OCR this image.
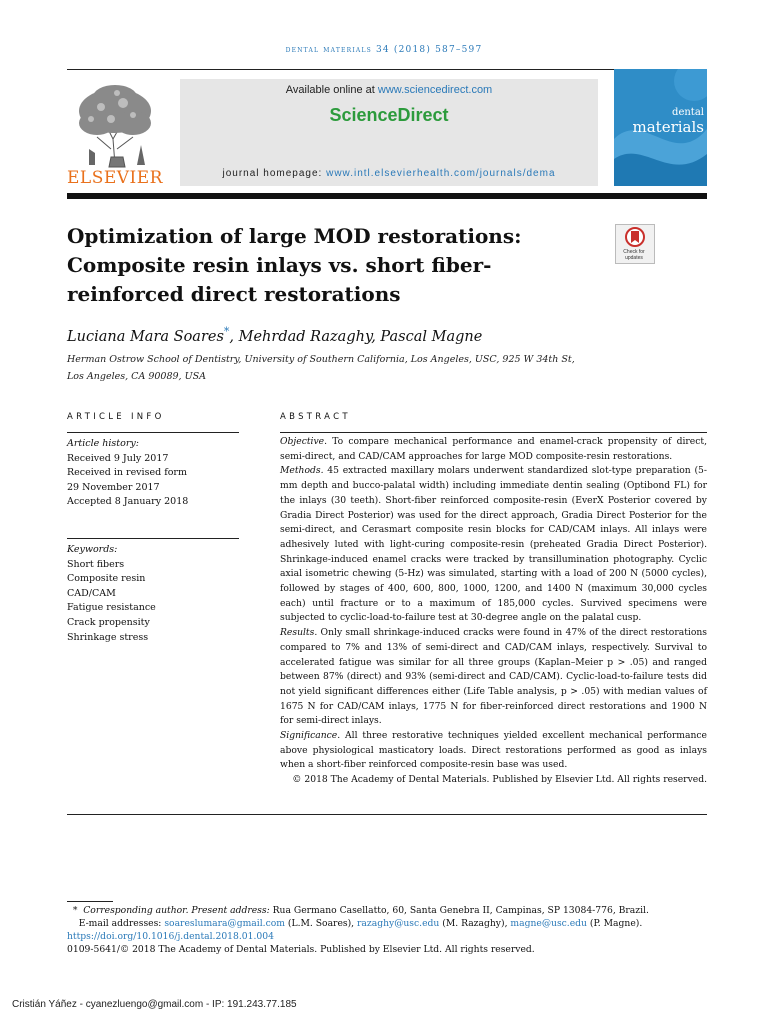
dental materials 34 (2018) 587–597
ELSEVIER
Available online at www.sciencedirect.com
ScienceDirect
journal homepage: www.intl.elsevierhealth.com/journals/dema
dental
materials
Optimization of large MOD restorations: Composite resin inlays vs. short fiber-reinforced direct restorations
Check for updates
Luciana Mara Soares*, Mehrdad Razaghy, Pascal Magne
Herman Ostrow School of Dentistry, University of Southern California, Los Angeles, USC, 925 W 34th St, Los Angeles, CA 90089, USA
ARTICLE INFO
Article history:
Received 9 July 2017
Received in revised form
29 November 2017
Accepted 8 January 2018
Keywords:
Short fibers
Composite resin
CAD/CAM
Fatigue resistance
Crack propensity
Shrinkage stress
ABSTRACT
Objective. To compare mechanical performance and enamel-crack propensity of direct, semi-direct, and CAD/CAM approaches for large MOD composite-resin restorations.
Methods. 45 extracted maxillary molars underwent standardized slot-type preparation (5-mm depth and bucco-palatal width) including immediate dentin sealing (Optibond FL) for the inlays (30 teeth). Short-fiber reinforced composite-resin (EverX Posterior covered by Gradia Direct Posterior) was used for the direct approach, Gradia Direct Posterior for the semi-direct, and Cerasmart composite resin blocks for CAD/CAM inlays. All inlays were adhesively luted with light-curing composite-resin (preheated Gradia Direct Posterior). Shrinkage-induced enamel cracks were tracked by transillumination photography. Cyclic axial isometric chewing (5-Hz) was simulated, starting with a load of 200 N (5000 cycles), followed by stages of 400, 600, 800, 1000, 1200, and 1400 N (maximum 30,000 cycles each) until fracture or to a maximum of 185,000 cycles. Survived specimens were subjected to cyclic-load-to-failure test at 30-degree angle on the palatal cusp.
Results. Only small shrinkage-induced cracks were found in 47% of the direct restorations compared to 7% and 13% of semi-direct and CAD/CAM inlays, respectively. Survival to accelerated fatigue was similar for all three groups (Kaplan–Meier p > .05) and ranged between 87% (direct) and 93% (semi-direct and CAD/CAM). Cyclic-load-to-failure tests did not yield significant differences either (Life Table analysis, p > .05) with median values of 1675 N for CAD/CAM inlays, 1775 N for fiber-reinforced direct restorations and 1900 N for semi-direct inlays.
Significance. All three restorative techniques yielded excellent mechanical performance above physiological masticatory loads. Direct restorations performed as good as inlays when a short-fiber reinforced composite-resin base was used.
© 2018 The Academy of Dental Materials. Published by Elsevier Ltd. All rights reserved.
* Corresponding author. Present address: Rua Germano Casellatto, 60, Santa Genebra II, Campinas, SP 13084-776, Brazil.
E-mail addresses: soareslumara@gmail.com (L.M. Soares), razaghy@usc.edu (M. Razaghy), magne@usc.edu (P. Magne).
https://doi.org/10.1016/j.dental.2018.01.004
0109-5641/© 2018 The Academy of Dental Materials. Published by Elsevier Ltd. All rights reserved.
Cristián Yáñez - cyanezluengo@gmail.com - IP: 191.243.77.185
